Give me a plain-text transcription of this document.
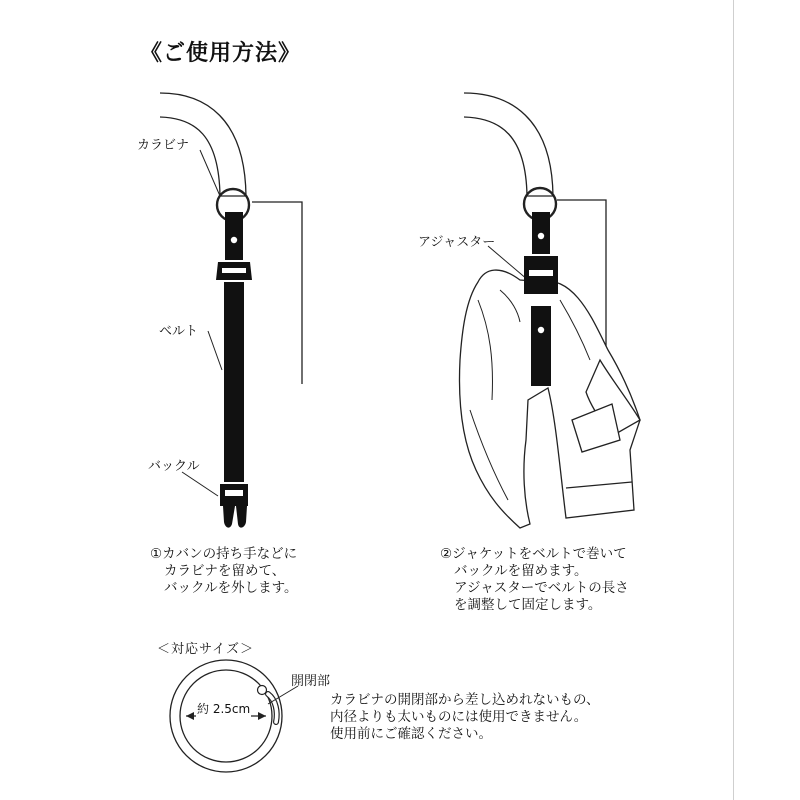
《ご使用方法》
カラビナ
ベルト
バックル
アジャスター
①カバンの持ち手などに
カラビナを留めて、
バックルを外します。
②ジャケットをベルトで巻いて
バックルを留めます。
アジャスターでベルトの長さ
を調整して固定します。
＜対応サイズ＞
開閉部
約 2.5cm
カラビナの開閉部から差し込めれないもの、
内径よりも太いものには使用できません。
使用前にご確認ください。
